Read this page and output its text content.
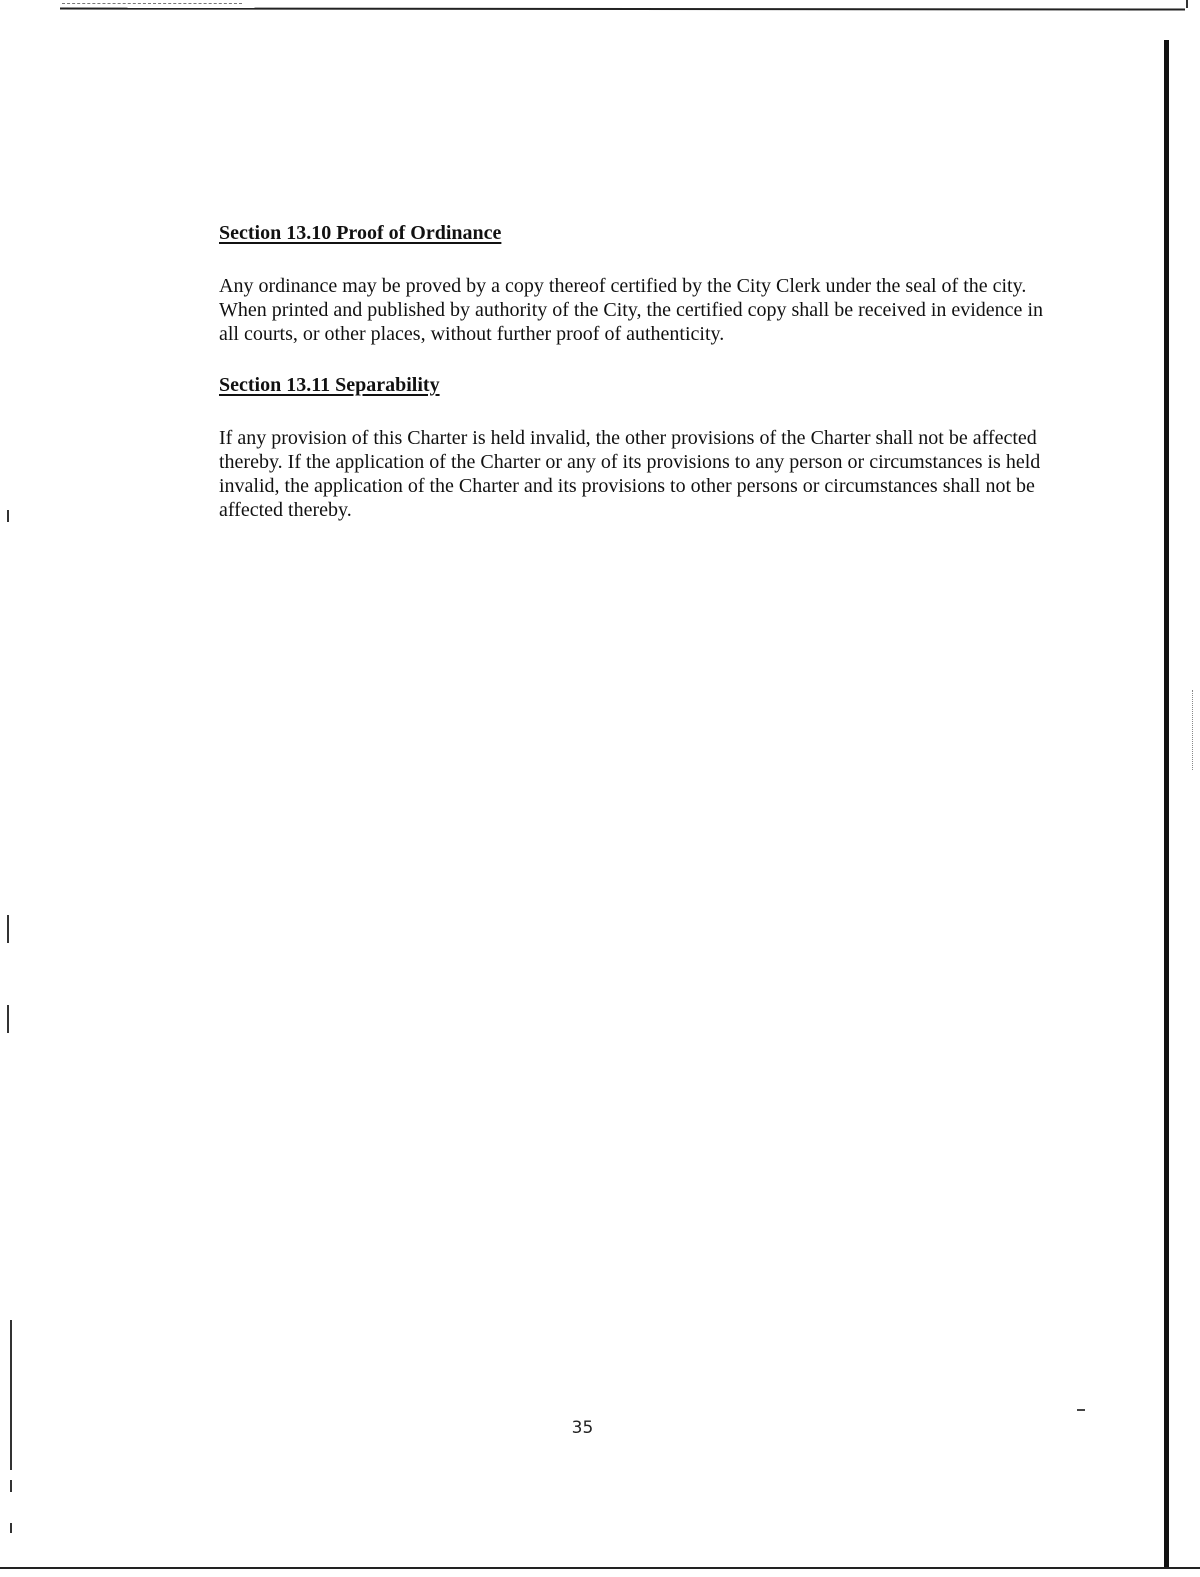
Section 13.10 Proof of Ordinance

Any ordinance may be proved by a copy thereof certified by the City Clerk under the seal of the city. When printed and published by authority of the City, the certified copy shall be received in evidence in all courts, or other places, without further proof of authenticity.

Section 13.11 Separability

If any provision of this Charter is held invalid, the other provisions of the Charter shall not be affected thereby. If the application of the Charter or any of its provisions to any person or circumstances is held invalid, the application of the Charter and its provisions to other persons or circumstances shall not be affected thereby.

35
